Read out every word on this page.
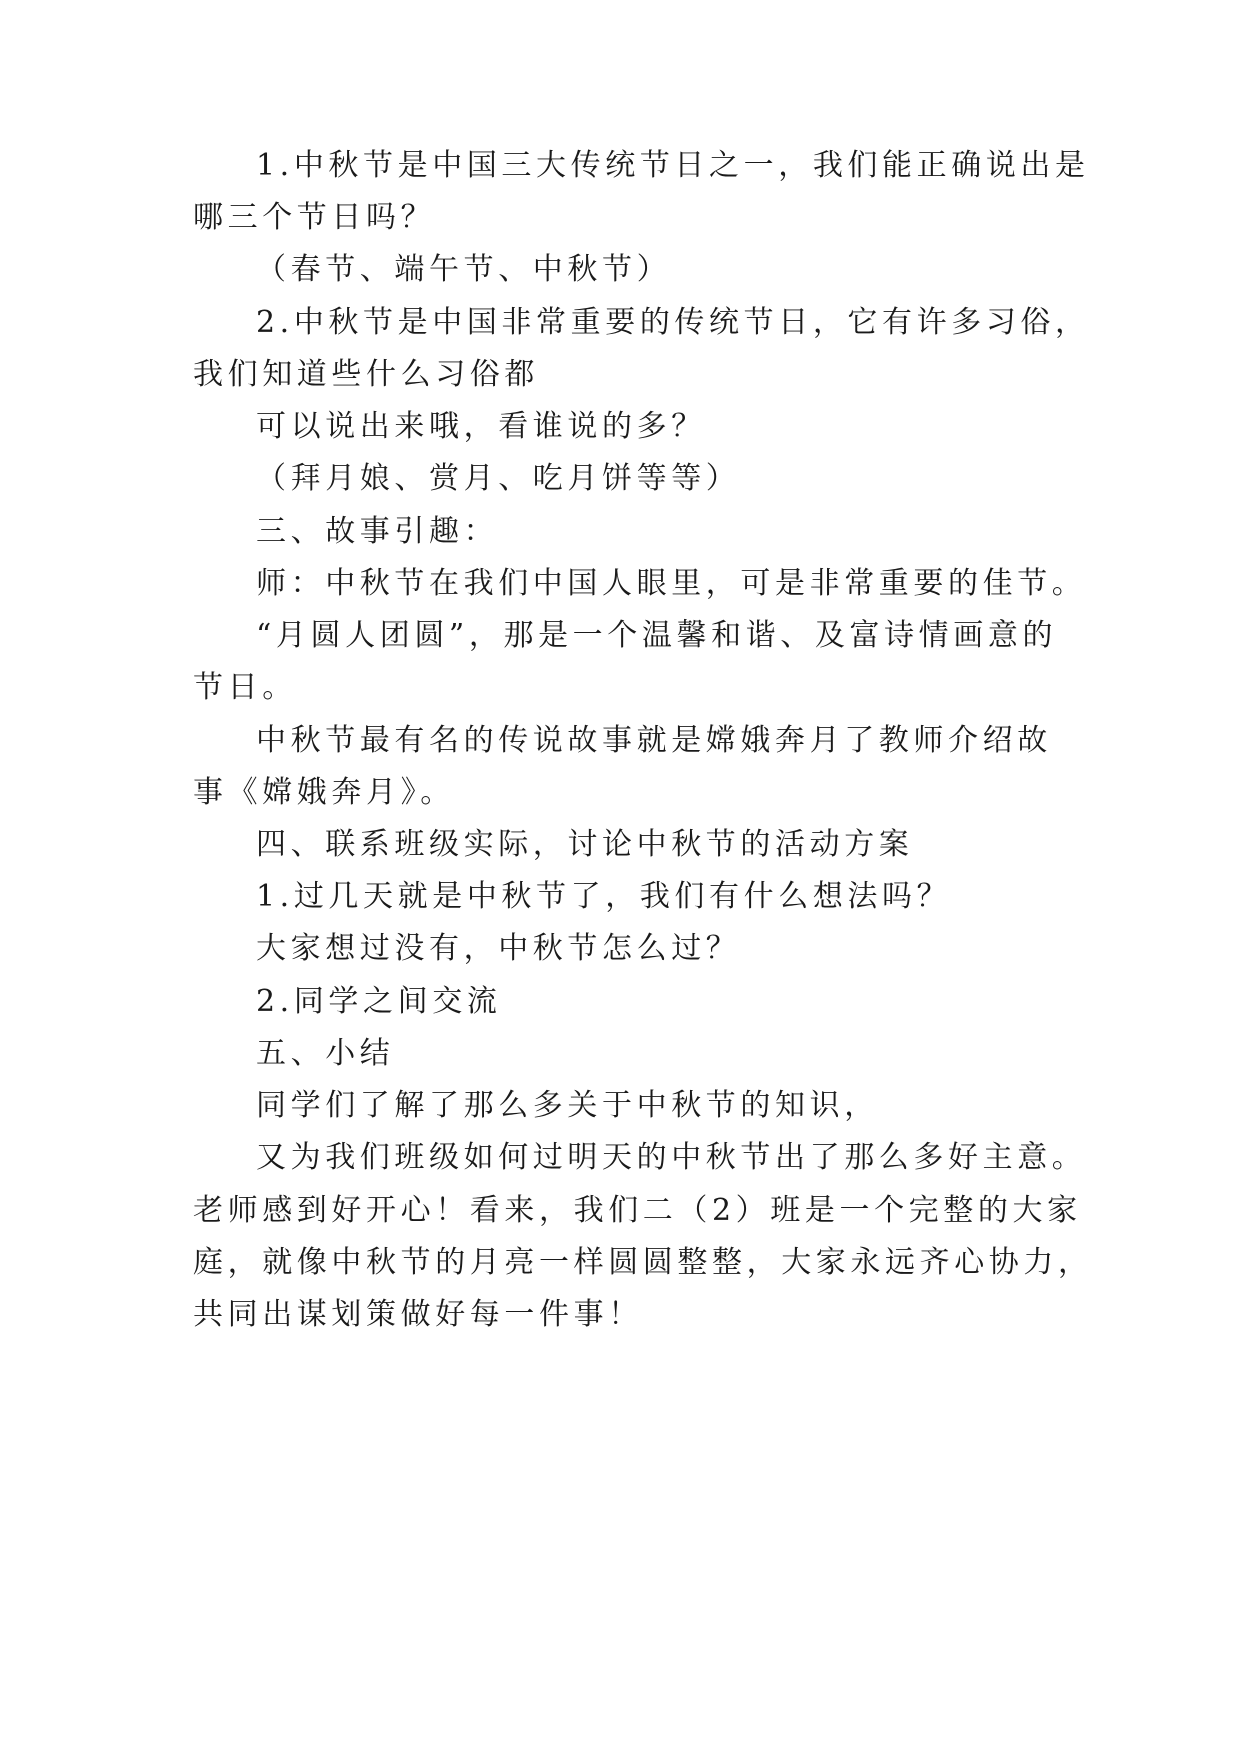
1.中秋节是中国三大传统节日之一，我们能正确说出是
哪三个节日吗？
（春节、端午节、中秋节）
2.中秋节是中国非常重要的传统节日，它有许多习俗，
我们知道些什么习俗都
可以说出来哦，看谁说的多？
（拜月娘、赏月、吃月饼等等）
三、故事引趣：
师：中秋节在我们中国人眼里，可是非常重要的佳节。
“月圆人团圆”，那是一个温馨和谐、及富诗情画意的
节日。
中秋节最有名的传说故事就是嫦娥奔月了教师介绍故
事《嫦娥奔月》。
四、联系班级实际，讨论中秋节的活动方案
1.过几天就是中秋节了，我们有什么想法吗？
大家想过没有，中秋节怎么过？
2.同学之间交流
五、小结
同学们了解了那么多关于中秋节的知识，
又为我们班级如何过明天的中秋节出了那么多好主意。
老师感到好开心！看来，我们二（2）班是一个完整的大家
庭，就像中秋节的月亮一样圆圆整整，大家永远齐心协力，
共同出谋划策做好每一件事！
